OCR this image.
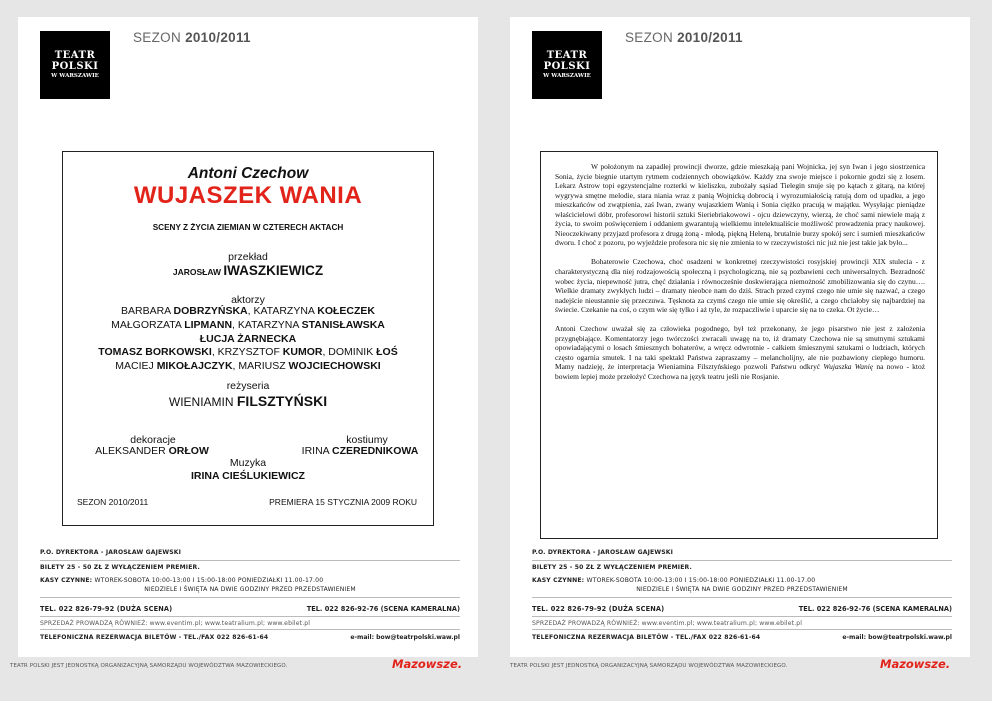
TEATR
POLSKI
W WARSZAWIE
SEZON 2010/2011
Antoni Czechow
WUJASZEK WANIA
SCENY Z ŻYCIA ZIEMIAN W CZTERECH AKTACH
przekład
JAROSŁAW IWASZKIEWICZ
aktorzy
BARBARA DOBRZYŃSKA, KATARZYNA KOŁECZEK
MAŁGORZATA LIPMANN, KATARZYNA STANISŁAWSKA
ŁUCJA ŻARNECKA
TOMASZ BORKOWSKI, KRZYSZTOF KUMOR, DOMINIK ŁOŚ
MACIEJ MIKOŁAJCZYK, MARIUSZ WOJCIECHOWSKI
reżyseria
WIENIAMIN FILSZTYŃSKI
dekoracje
ALEKSANDER ORŁOW
kostiumy
IRINA CZEREDNIKOWA
Muzyka
IRINA CIEŚLUKIEWICZ
SEZON 2010/2011	PREMIERA 15 STYCZNIA 2009 ROKU
P.O. DYREKTORA - JAROSŁAW GAJEWSKI
BILETY 25 - 50 ZŁ Z WYŁĄCZENIEM PREMIER.
KASY CZYNNE: WTOREK-SOBOTA 10:00-13:00 I 15:00-18:00 PONIEDZIAŁKI 11.00-17.00
NIEDZIELE I ŚWIĘTA NA DWIE GODZINY PRZED PRZEDSTAWIENIEM
TEL. 022 826-79-92 (DUŻA SCENA)	TEL. 022 826-92-76 (SCENA KAMERALNA)
SPRZEDAŻ PROWADZĄ RÓWNIEŻ: www.eventim.pl; www.teatralium.pl; www.ebilet.pl
TELEFONICZNA REZERWACJA BILETÓW - TEL./FAX 022 826-61-64	e-mail: bow@teatrpolski.waw.pl
TEATR
POLSKI
W WARSZAWIE
SEZON 2010/2011

W położonym na zapadłej prowincji dworze, gdzie mieszkają pani Wojnicka, jej syn Iwan i jego siostrzenica Sonia, życie biegnie utartym rytmem codziennych obowiązków. Każdy zna swoje miejsce i pokornie godzi się z losem. Lekarz Astrow topi egzystencjalne rozterki w kieliszku, zubożały sąsiad Tielegin snuje się po kątach z gitarą, na której wygrywa smętne melodie, stara niania wraz z panią Wojnicką dobrocią i wyrozumiałością ratują dom od upadku, a jego mieszkańców od zwątpienia, zaś Iwan, zwany wujaszkiem Wanią i Sonia ciężko pracują w majątku. Wysyłając pieniądze właścicielowi dóbr, profesorowi historii sztuki Sieriebriakowowi - ojcu dziewczyny, wierzą, że choć sami niewiele mają z życia, to swoim poświęceniem i oddaniem gwarantują wielkiemu intelektualiście możliwość prowadzenia pracy naukowej. Nieoczekiwany przyjazd profesora z drugą żoną - młodą, piękną Heleną, brutalnie burzy spokój serc i sumień mieszkańców dworu. I choć z pozoru, po wyjeździe profesora nic się nie zmienia to w rzeczywistości nic już nie jest takie jak było...

Bohaterowie Czechowa, choć osadzeni w konkretnej rzeczywistości rosyjskiej prowincji XIX stulecia - z charakterystyczną dla niej rodzajowością społeczną i psychologiczną, nie są pozbawieni cech uniwersalnych. Bezradność wobec życia, niepewność jutra, chęć działania i równocześnie doskwierająca niemożność zmobilizowania się do czynu…. Wielkie dramaty zwykłych ludzi – dramaty nieobce nam do dziś. Strach przed czymś czego nie umie się nazwać, a czego nadejście nieustannie się przeczuwa. Tęsknota za czymś czego nie umie się określić, a czego chciałoby się najbardziej na świecie. Czekanie na coś, o czym wie się tylko i aż tyle, że rozpaczliwie i uparcie się na to czeka. Ot życie…

Antoni Czechow uważał się za człowieka pogodnego, był też przekonany, że jego pisarstwo nie jest z założenia przygnębiające. Komentatorzy jego twórczości zwracali uwagę na to, iż dramaty Czechowa nie są smutnymi sztukami opowiadającymi o losach śmiesznych bohaterów, a wręcz odwrotnie - całkiem śmiesznymi sztukami o ludziach, których często ogarnia smutek. I na taki spektakl Państwa zapraszamy – melancholijny, ale nie pozbawiony ciepłego humoru. Mamy nadzieję, że interpretacja Wieniamina Filsztyńskiego pozwoli Państwu odkryć Wujaszka Wanię na nowo - ktoż bowiem lepiej może przełożyć Czechowa na język teatru jeśli nie Rosjanie.

P.O. DYREKTORA - JAROSŁAW GAJEWSKI
BILETY 25 - 50 ZŁ Z WYŁĄCZENIEM PREMIER.
KASY CZYNNE: WTOREK-SOBOTA 10:00-13:00 I 15:00-18:00 PONIEDZIAŁKI 11.00-17.00
NIEDZIELE I ŚWIĘTA NA DWIE GODZINY PRZED PRZEDSTAWIENIEM
TEL. 022 826-79-92 (DUŻA SCENA)	TEL. 022 826-92-76 (SCENA KAMERALNA)
SPRZEDAŻ PROWADZĄ RÓWNIEŻ: www.eventim.pl; www.teatralium.pl; www.ebilet.pl
TELEFONICZNA REZERWACJA BILETÓW - TEL./FAX 022 826-61-64	e-mail: bow@teatrpolski.waw.pl
TEATR POLSKI JEST JEDNOSTKĄ ORGANIZACYJNĄ SAMORZĄDU WOJEWÓDZTWA MAZOWIECKIEGO.	Mazowsze.	TEATR POLSKI JEST JEDNOSTKĄ ORGANIZACYJNĄ SAMORZĄDU WOJEWÓDZTWA MAZOWIECKIEGO.	Mazowsze.
